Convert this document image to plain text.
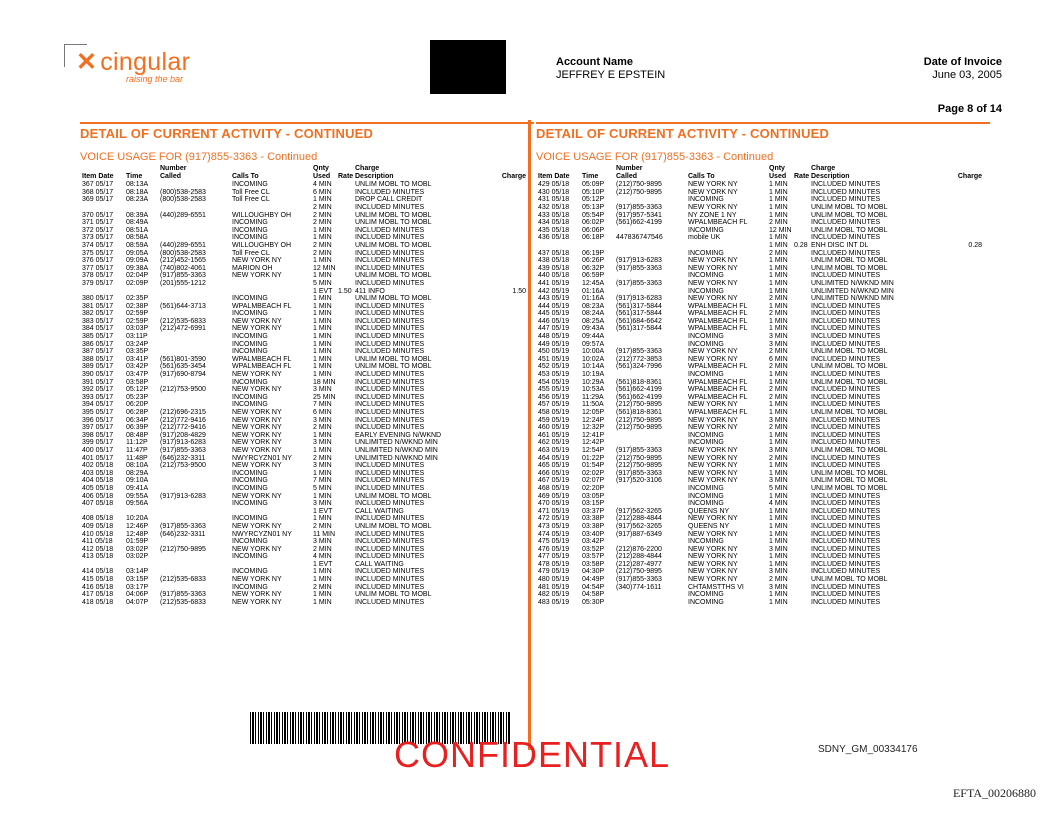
✕ cingular
raising the bar
Account Name
JEFFREY E EPSTEIN
Date of Invoice
June 03, 2005
Page 8 of 14
DETAIL OF CURRENT ACTIVITY - CONTINUED
VOICE USAGE FOR (917)855-3363 - Continued
Number	Qnty	Charge
Item Date Time	Called	Calls To	Used Rate Description	Charge
367 05/17 08:13A	INCOMING	4 MIN	UNLIM MOBL TO MOBL
368 05/17 08:18A (800)538-2583	Toll Free CL	6 MIN	INCLUDED MINUTES
369 05/17 08:23A (800)538-2583	Toll Free CL	1 MIN	DROP CALL CREDIT
2 MIN	INCLUDED MINUTES
370 05/17 08:39A (440)289-6551	WILLOUGHBY OH	2 MIN	UNLIM MOBL TO MOBL
371 05/17 08:49A	INCOMING	2 MIN	UNLIM MOBL TO MOBL
372 05/17 08:51A	INCOMING	1 MIN	INCLUDED MINUTES
373 05/17 08:58A	INCOMING	1 MIN	INCLUDED MINUTES
374 05/17 08:59A (440)289-6551	WILLOUGHBY OH	2 MIN	UNLIM MOBL TO MOBL
375 05/17 09:05A (800)538-2583	Toll Free CL	2 MIN	INCLUDED MINUTES
376 05/17 09:09A (212)452-1565	NEW YORK NY	1 MIN	INCLUDED MINUTES
377 05/17 09:38A (740)802-4061	MARION OH	12 MIN	INCLUDED MINUTES
378 05/17 02:04P (917)855-3363	NEW YORK NY	1 MIN	UNLIM MOBL TO MOBL
379 05/17 02:09P (201)555-1212	5 MIN	INCLUDED MINUTES
1 EVT 1.50 411 INFO	1.50
380 05/17 02:35P	INCOMING	1 MIN	UNLIM MOBL TO MOBL
381 05/17 02:38P (561)644-3713	WPALMBEACH FL	1 MIN	INCLUDED MINUTES
382 05/17 02:59P	INCOMING	1 MIN	INCLUDED MINUTES
383 05/17 02:59P (212)535-6833	NEW YORK NY	1 MIN	INCLUDED MINUTES
384 05/17 03:03P (212)472-6991	NEW YORK NY	1 MIN	INCLUDED MINUTES
385 05/17 03:11P	INCOMING	1 MIN	INCLUDED MINUTES
386 05/17 03:24P	INCOMING	1 MIN	INCLUDED MINUTES
387 05/17 03:35P	INCOMING	1 MIN	INCLUDED MINUTES
388 05/17 03:41P (561)801-3590	WPALMBEACH FL	1 MIN	UNLIM MOBL TO MOBL
389 05/17 03:42P (561)635-3454	WPALMBEACH FL	1 MIN	UNLIM MOBL TO MOBL
390 05/17 03:47P (917)690-8794	NEW YORK NY	1 MIN	INCLUDED MINUTES
391 05/17 03:58P	INCOMING	18 MIN	INCLUDED MINUTES
392 05/17 05:12P (212)753-9500	NEW YORK NY	3 MIN	INCLUDED MINUTES
393 05/17 05:23P	INCOMING	25 MIN	INCLUDED MINUTES
394 05/17 06:20P	INCOMING	7 MIN	INCLUDED MINUTES
395 05/17 06:28P (212)696-2315	NEW YORK NY	6 MIN	INCLUDED MINUTES
396 05/17 06:34P (212)772-9416	NEW YORK NY	3 MIN	INCLUDED MINUTES
397 05/17 06:39P (212)772-9416	NEW YORK NY	2 MIN	INCLUDED MINUTES
398 05/17 08:48P (917)208-4829	NEW YORK NY	1 MIN	EARLY EVENING N/WKND
399 05/17 11:12P (917)913-6283	NEW YORK NY	3 MIN	UNLIMITED N/WKND MIN
400 05/17 11:47P (917)855-3363	NEW YORK NY	1 MIN	UNLIMITED N/WKND MIN
401 05/17 11:48P (646)232-3311	NWYRCYZN01 NY	2 MIN	UNLIMITED N/WKND MIN
402 05/18 08:10A (212)753-9500	NEW YORK NY	3 MIN	INCLUDED MINUTES
403 05/18 08:29A	INCOMING	1 MIN	INCLUDED MINUTES
404 05/18 09:10A	INCOMING	7 MIN	INCLUDED MINUTES
405 05/18 09:41A	INCOMING	5 MIN	INCLUDED MINUTES
406 05/18 09:55A (917)913-6283	NEW YORK NY	1 MIN	UNLIM MOBL TO MOBL
407 05/18 09:56A	INCOMING	3 MIN	INCLUDED MINUTES
1 EVT	CALL WAITING
408 05/18 10:20A	INCOMING	1 MIN	INCLUDED MINUTES
409 05/18 12:46P (917)855-3363	NEW YORK NY	2 MIN	UNLIM MOBL TO MOBL
410 05/18 12:48P (646)232-3311	NWYRCYZN01 NY	11 MIN	INCLUDED MINUTES
411 05/18 01:59P	INCOMING	3 MIN	INCLUDED MINUTES
412 05/18 03:02P (212)750-9895	NEW YORK NY	2 MIN	INCLUDED MINUTES
413 05/18 03:02P	INCOMING	4 MIN	INCLUDED MINUTES
1 EVT	CALL WAITING
414 05/18 03:14P	INCOMING	1 MIN	INCLUDED MINUTES
415 05/18 03:15P (212)535-6833	NEW YORK NY	1 MIN	INCLUDED MINUTES
416 05/18 03:17P	INCOMING	2 MIN	INCLUDED MINUTES
417 05/18 04:06P (917)855-3363	NEW YORK NY	1 MIN	UNLIM MOBL TO MOBL
418 05/18 04:07P (212)535-6833	NEW YORK NY	1 MIN	INCLUDED MINUTES
DETAIL OF CURRENT ACTIVITY - CONTINUED
VOICE USAGE FOR (917)855-3363 - Continued
Number	Qnty	Charge
Item Date Time	Called	Calls To	Used Rate Description	Charge
429 05/18 05:09P (212)750-9895	NEW YORK NY	1 MIN	INCLUDED MINUTES
430 05/18 05:10P (212)750-9895	NEW YORK NY	1 MIN	INCLUDED MINUTES
431 05/18 05:12P	INCOMING	1 MIN	INCLUDED MINUTES
432 05/18 05:13P (917)855-3363	NEW YORK NY	1 MIN	UNLIM MOBL TO MOBL
433 05/18 05:54P (917)957-5341	NY ZONE 1 NY	1 MIN	UNLIM MOBL TO MOBL
434 05/18 06:02P (561)662-4199	WPALMBEACH FL	2 MIN	INCLUDED MINUTES
435 05/18 06:06P	INCOMING	12 MIN	UNLIM MOBL TO MOBL
436 05/18 06:18P 447836747546	mobile UK	1 MIN	INCLUDED MINUTES
1 MIN 0.28 ENH DISC INT DL	0.28
437 05/18 06:19P	INCOMING	2 MIN	INCLUDED MINUTES
438 05/18 06:26P (917)913-6283	NEW YORK NY	1 MIN	UNLIM MOBL TO MOBL
439 05/18 06:32P (917)855-3363	NEW YORK NY	1 MIN	UNLIM MOBL TO MOBL
440 05/18 06:59P	INCOMING	1 MIN	INCLUDED MINUTES
441 05/19 12:45A (917)855-3363	NEW YORK NY	1 MIN	UNLIMITED N/WKND MIN
442 05/19 01:16A	INCOMING	1 MIN	UNLIMITED N/WKND MIN
443 05/19 01:16A (917)913-6283	NEW YORK NY	2 MIN	UNLIMITED N/WKND MIN
444 05/19 08:23A (561)317-5844	WPALMBEACH FL	1 MIN	INCLUDED MINUTES
445 05/19 08:24A (561)317-5844	WPALMBEACH FL	2 MIN	INCLUDED MINUTES
446 05/19 08:25A (561)684-6642	WPALMBEACH FL	1 MIN	INCLUDED MINUTES
447 05/19 09:43A (561)317-5844	WPALMBEACH FL	1 MIN	INCLUDED MINUTES
448 05/19 09:44A	INCOMING	3 MIN	INCLUDED MINUTES
449 05/19 09:57A	INCOMING	3 MIN	INCLUDED MINUTES
450 05/19 10:00A (917)855-3363	NEW YORK NY	2 MIN	UNLIM MOBL TO MOBL
451 05/19 10:02A (212)772-3853	NEW YORK NY	6 MIN	INCLUDED MINUTES
452 05/19 10:14A (561)324-7996	WPALMBEACH FL	2 MIN	UNLIM MOBL TO MOBL
453 05/19 10:19A	INCOMING	1 MIN	INCLUDED MINUTES
454 05/19 10:29A (561)818-8361	WPALMBEACH FL	1 MIN	UNLIM MOBL TO MOBL
455 05/19 10:53A (561)662-4199	WPALMBEACH FL	2 MIN	INCLUDED MINUTES
456 05/19 11:29A (561)662-4199	WPALMBEACH FL	2 MIN	INCLUDED MINUTES
457 05/19 11:50A (212)750-9895	NEW YORK NY	1 MIN	INCLUDED MINUTES
458 05/19 12:05P (561)818-8361	WPALMBEACH FL	1 MIN	UNLIM MOBL TO MOBL
459 05/19 12:24P (212)750-9895	NEW YORK NY	3 MIN	INCLUDED MINUTES
460 05/19 12:32P (212)750-9895	NEW YORK NY	2 MIN	INCLUDED MINUTES
461 05/19 12:41P	INCOMING	1 MIN	INCLUDED MINUTES
462 05/19 12:42P	INCOMING	1 MIN	INCLUDED MINUTES
463 05/19 12:54P (917)855-3363	NEW YORK NY	3 MIN	UNLIM MOBL TO MOBL
464 05/19 01:22P (212)750-9895	NEW YORK NY	2 MIN	INCLUDED MINUTES
465 05/19 01:54P (212)750-9895	NEW YORK NY	1 MIN	INCLUDED MINUTES
466 05/19 02:02P (917)855-3363	NEW YORK NY	1 MIN	UNLIM MOBL TO MOBL
467 05/19 02:07P (917)520-3106	NEW YORK NY	3 MIN	UNLIM MOBL TO MOBL
468 05/19 02:20P	INCOMING	5 MIN	UNLIM MOBL TO MOBL
469 05/19 03:05P	INCOMING	1 MIN	INCLUDED MINUTES
470 05/19 03:15P	INCOMING	4 MIN	INCLUDED MINUTES
471 05/19 03:37P (917)562-3265	QUEENS NY	1 MIN	INCLUDED MINUTES
472 05/19 03:38P (212)288-4844	NEW YORK NY	1 MIN	INCLUDED MINUTES
473 05/19 03:38P (917)562-3265	QUEENS NY	1 MIN	INCLUDED MINUTES
474 05/19 03:40P (917)887-6349	NEW YORK NY	1 MIN	INCLUDED MINUTES
475 05/19 03:42P	INCOMING	1 MIN	INCLUDED MINUTES
476 05/19 03:52P (212)876-2200	NEW YORK NY	3 MIN	INCLUDED MINUTES
477 05/19 03:57P (212)288-4844	NEW YORK NY	1 MIN	INCLUDED MINUTES
478 05/19 03:58P (212)287-4977	NEW YORK NY	1 MIN	INCLUDED MINUTES
479 05/19 04:30P (212)750-9895	NEW YORK NY	3 MIN	INCLUDED MINUTES
480 05/19 04:49P (917)855-3363	NEW YORK NY	2 MIN	UNLIM MOBL TO MOBL
481 05/19 04:54P (340)774-1611	CHTAMSTTHS VI	3 MIN	INCLUDED MINUTES
482 05/19 04:58P	INCOMING	1 MIN	INCLUDED MINUTES
483 05/19 05:30P	INCOMING	1 MIN	INCLUDED MINUTES
CONFIDENTIAL	SDNY_GM_00334176
EFTA_00206880
